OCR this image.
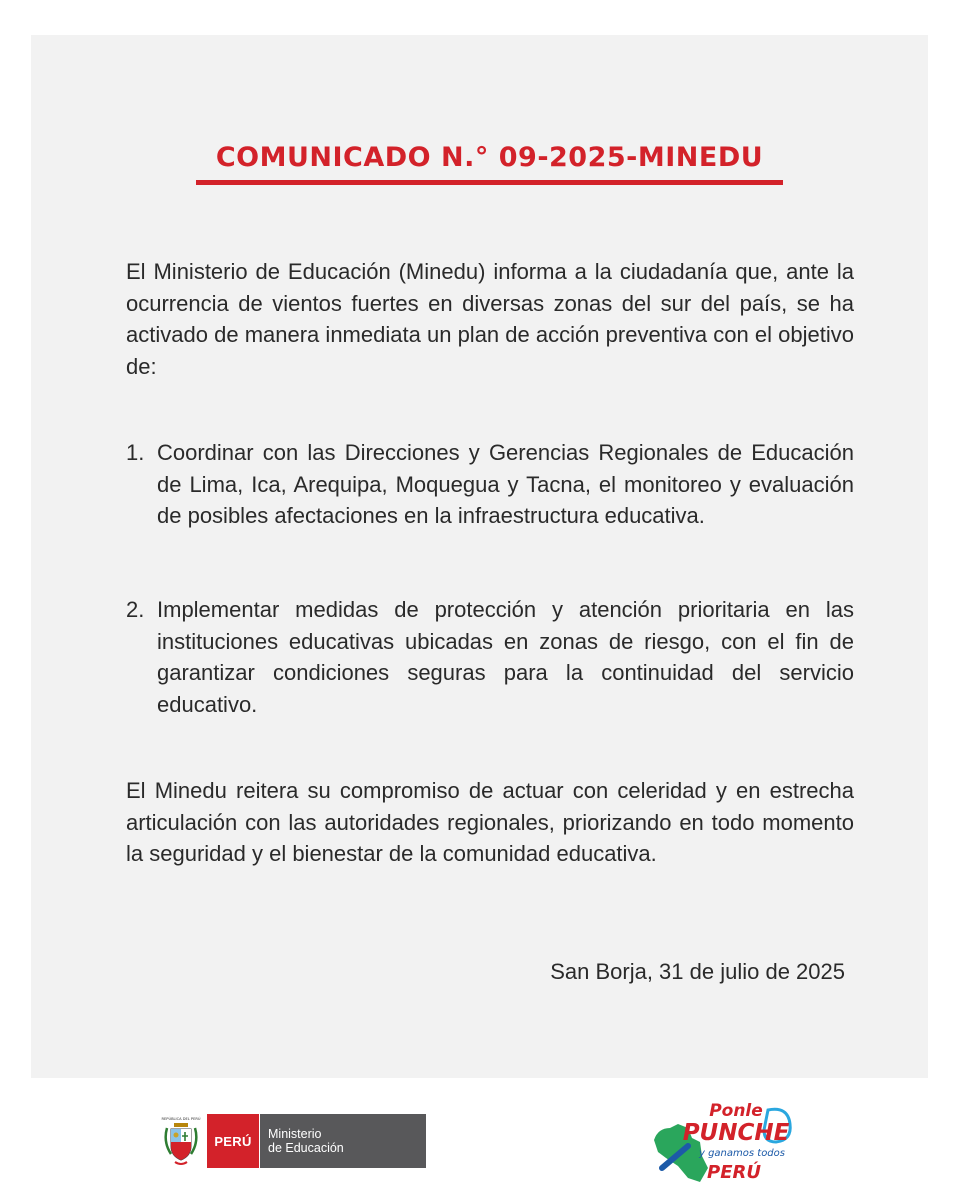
COMUNICADO N.° 09-2025-MINEDU

El Ministerio de Educación (Minedu) informa a la ciudadanía que, ante la ocurrencia de vientos fuertes en diversas zonas del sur del país, se ha activado de manera inmediata un plan de acción preventiva con el objetivo de:

1. Coordinar con las Direcciones y Gerencias Regionales de Educación de Lima, Ica, Arequipa, Moquegua y Tacna, el monitoreo y evaluación de posibles afectaciones en la infraestructura educativa.

2. Implementar medidas de protección y atención prioritaria en las instituciones educativas ubicadas en zonas de riesgo, con el fin de garantizar condiciones seguras para la continuidad del servicio educativo.

El Minedu reitera su compromiso de actuar con celeridad y en estrecha articulación con las autoridades regionales, priorizando en todo momento la seguridad y el bienestar de la comunidad educativa.

San Borja, 31 de julio de 2025
REPÚBLICA DEL PERÚ
PERÚ	Ministerio
de Educación
Ponle
PUNCHE
y ganamos todos
PERÚ
